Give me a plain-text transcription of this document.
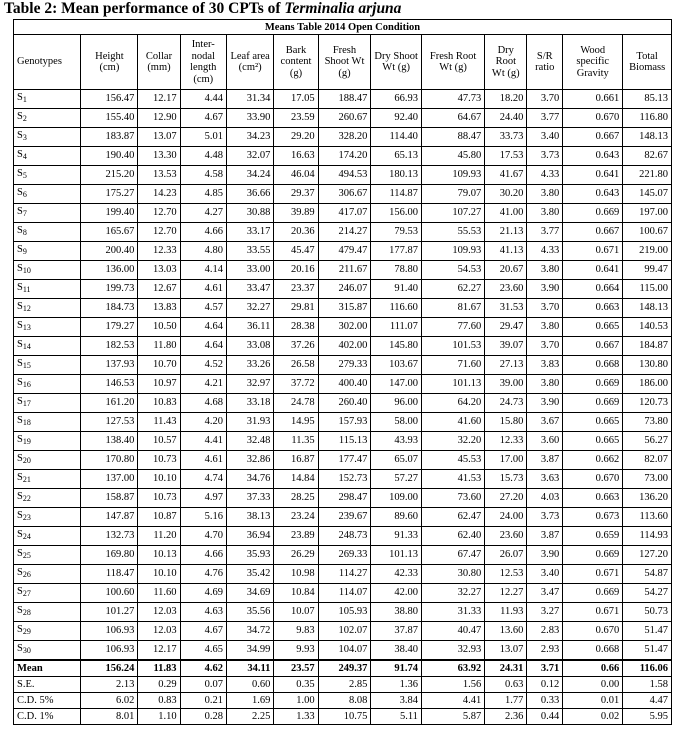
Table 2: Mean performance of 30 CPTs of Terminalia arjuna
Means Table 2014 Open Condition												
Genotypes	Height (cm)	Collar (mm)	Inter-nodal length (cm)	Leaf area (cm²)	Bark content (g)	Fresh Shoot Wt (g)	Dry Shoot Wt (g)	Fresh Root Wt (g)	Dry Root Wt (g)	S/R ratio	Wood specific Gravity	Total Biomass
$S_1$	156.47	12.17	4.44	31.34	17.05	188.47	66.93	47.73	18.20	3.70	0.661	85.13
$S_2$	155.40	12.90	4.67	33.90	23.59	260.67	92.40	64.67	24.40	3.77	0.670	116.80
$S_3$	183.87	13.07	5.01	34.23	29.20	328.20	114.40	88.47	33.73	3.40	0.667	148.13
$S_4$	190.40	13.30	4.48	32.07	16.63	174.20	65.13	45.80	17.53	3.73	0.643	82.67
$S_5$	215.20	13.53	4.58	34.24	46.04	494.53	180.13	109.93	41.67	4.33	0.641	221.80
$S_6$	175.27	14.23	4.85	36.66	29.37	306.67	114.87	79.07	30.20	3.80	0.643	145.07
$S_7$	199.40	12.70	4.27	30.88	39.89	417.07	156.00	107.27	41.00	3.80	0.669	197.00
$S_8$	165.67	12.70	4.66	33.17	20.36	214.27	79.53	55.53	21.13	3.77	0.667	100.67
$S_9$	200.40	12.33	4.80	33.55	45.47	479.47	177.87	109.93	41.13	4.33	0.671	219.00
$S_{10}$	136.00	13.03	4.14	33.00	20.16	211.67	78.80	54.53	20.67	3.80	0.641	99.47
$S_{11}$	199.73	12.67	4.61	33.47	23.37	246.07	91.40	62.27	23.60	3.90	0.664	115.00
$S_{12}$	184.73	13.83	4.57	32.27	29.81	315.87	116.60	81.67	31.53	3.70	0.663	148.13
$S_{13}$	179.27	10.50	4.64	36.11	28.38	302.00	111.07	77.60	29.47	3.80	0.665	140.53
$S_{14}$	182.53	11.80	4.64	33.08	37.26	402.00	145.80	101.53	39.07	3.70	0.667	184.87
$S_{15}$	137.93	10.70	4.52	33.26	26.58	279.33	103.67	71.60	27.13	3.83	0.668	130.80
$S_{16}$	146.53	10.97	4.21	32.97	37.72	400.40	147.00	101.13	39.00	3.80	0.669	186.00
$S_{17}$	161.20	10.83	4.68	33.18	24.78	260.40	96.00	64.20	24.73	3.90	0.669	120.73
$S_{18}$	127.53	11.43	4.20	31.93	14.95	157.93	58.00	41.60	15.80	3.67	0.665	73.80
$S_{19}$	138.40	10.57	4.41	32.48	11.35	115.13	43.93	32.20	12.33	3.60	0.665	56.27
$S_{20}$	170.80	10.73	4.61	32.86	16.87	177.47	65.07	45.53	17.00	3.87	0.662	82.07
$S_{21}$	137.00	10.10	4.74	34.76	14.84	152.73	57.27	41.53	15.73	3.63	0.670	73.00
$S_{22}$	158.87	10.73	4.97	37.33	28.25	298.47	109.00	73.60	27.20	4.03	0.663	136.20
$S_{23}$	147.87	10.87	5.16	38.13	23.24	239.67	89.60	62.47	24.00	3.73	0.673	113.60
$S_{24}$	132.73	11.20	4.70	36.94	23.89	248.73	91.33	62.40	23.60	3.87	0.659	114.93
$S_{25}$	169.80	10.13	4.66	35.93	26.29	269.33	101.13	67.47	26.07	3.90	0.669	127.20
$S_{26}$	118.47	10.10	4.76	35.42	10.98	114.27	42.33	30.80	12.53	3.40	0.671	54.87
$S_{27}$	100.60	11.60	4.69	34.69	10.84	114.07	42.00	32.27	12.27	3.47	0.669	54.27
$S_{28}$	101.27	12.03	4.63	35.56	10.07	105.93	38.80	31.33	11.93	3.27	0.671	50.73
$S_{29}$	106.93	12.03	4.67	34.72	9.83	102.07	37.87	40.47	13.60	2.83	0.670	51.47
$S_{30}$	106.93	12.17	4.65	34.99	9.93	104.07	38.40	32.93	13.07	2.93	0.668	51.47
Mean	156.24	11.83	4.62	34.11	23.57	249.37	91.74	63.92	24.31	3.71	0.66	116.06
S.E.	2.13	0.29	0.07	0.60	0.35	2.85	1.36	1.56	0.63	0.12	0.00	1.58
C.D. 5%	6.02	0.83	0.21	1.69	1.00	8.08	3.84	4.41	1.77	0.33	0.01	4.47
C.D. 1%	8.01	1.10	0.28	2.25	1.33	10.75	5.11	5.87	2.36	0.44	0.02	5.95
